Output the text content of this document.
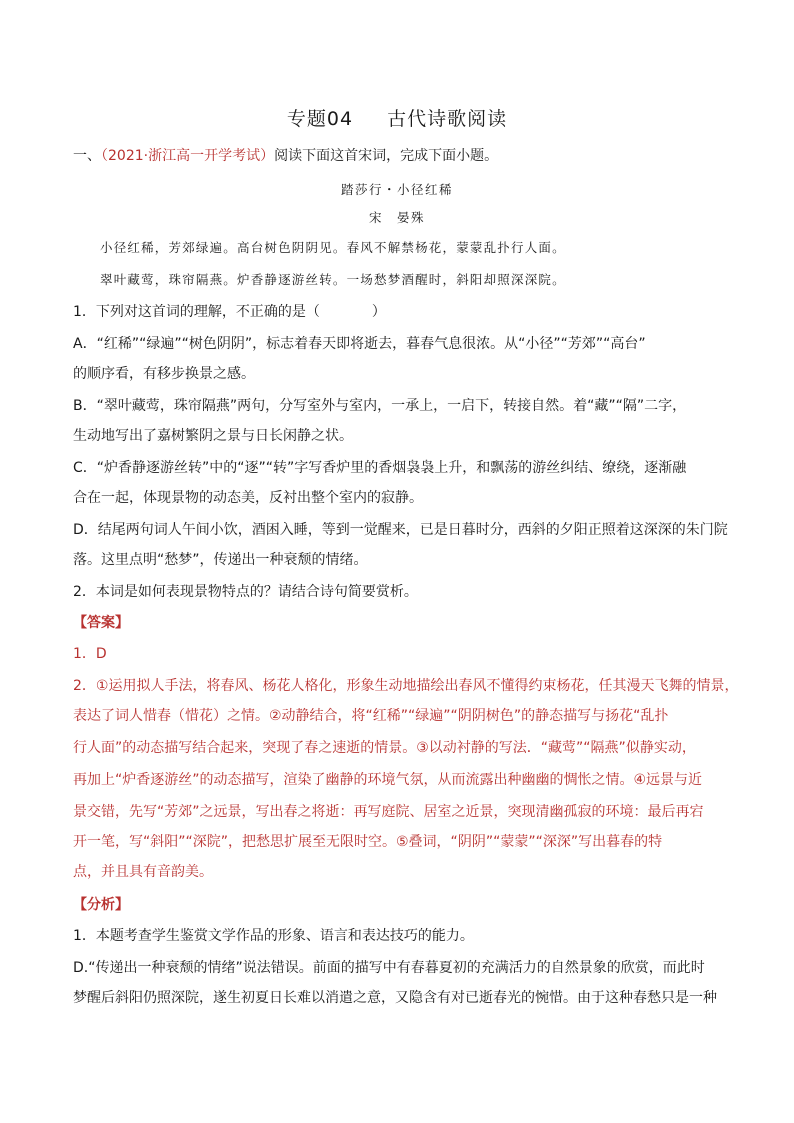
专题04 古代诗歌阅读
一、（2021·浙江高一开学考试）阅读下面这首宋词，完成下面小题。
踏莎行・小径红稀
宋　晏殊
小径红稀，芳郊绿遍。高台树色阴阴见。春风不解禁杨花，蒙蒙乱扑行人面。
翠叶藏莺，珠帘隔燕。炉香静逐游丝转。一场愁梦酒醒时，斜阳却照深深院。
1．下列对这首词的理解，不正确的是（	）
A．“红稀”“绿遍”“树色阴阴”，标志着春天即将逝去，暮春气息很浓。从“小径”“芳郊”“高台”
的顺序看，有移步换景之感。
B．“翠叶藏莺，珠帘隔燕”两句，分写室外与室内，一承上，一启下，转接自然。着“藏”“隔”二字，
生动地写出了嘉树繁阴之景与日长闲静之状。
C．“炉香静逐游丝转”中的“逐”“转”字写香炉里的香烟袅袅上升，和飘荡的游丝纠结、缭绕，逐渐融
合在一起，体现景物的动态美，反衬出整个室内的寂静。
D．结尾两句词人午间小饮，酒困入睡，等到一觉醒来，已是日暮时分，西斜的夕阳正照着这深深的朱门院
落。这里点明“愁梦”，传递出一种衰颓的情绪。
2．本词是如何表现景物特点的？请结合诗句简要赏析。
【答案】
1．D
2．①运用拟人手法，将春风、杨花人格化，形象生动地描绘出春风不懂得约束杨花，任其漫天飞舞的情景，
表达了词人惜春（惜花）之情。②动静结合，将“红稀”“绿遍”“阴阴树色”的静态描写与扬花“乱扑
行人面”的动态描写结合起来，突现了春之速逝的情景。③以动衬静的写法．“藏莺”“隔燕”似静实动，
再加上“炉香逐游丝”的动态描写，渲染了幽静的环境气氛，从而流露出种幽幽的惆怅之情。④远景与近
景交错，先写“芳郊”之远景，写出春之将逝：再写庭院、居室之近景，突现清幽孤寂的环境：最后再宕
开一笔，写“斜阳”“深院”，把愁思扩展至无限时空。⑤叠词，“阴阴”“蒙蒙”“深深”写出暮春的特
点，并且具有音韵美。
【分析】
1．本题考查学生鉴赏文学作品的形象、语言和表达技巧的能力。
D.“传递出一种衰颓的情绪”说法错误。前面的描写中有春暮夏初的充满活力的自然景象的欣赏，而此时
梦醒后斜阳仍照深院，遂生初夏日长难以消遣之意，又隐含有对已逝春光的惋惜。由于这种春愁只是一种
